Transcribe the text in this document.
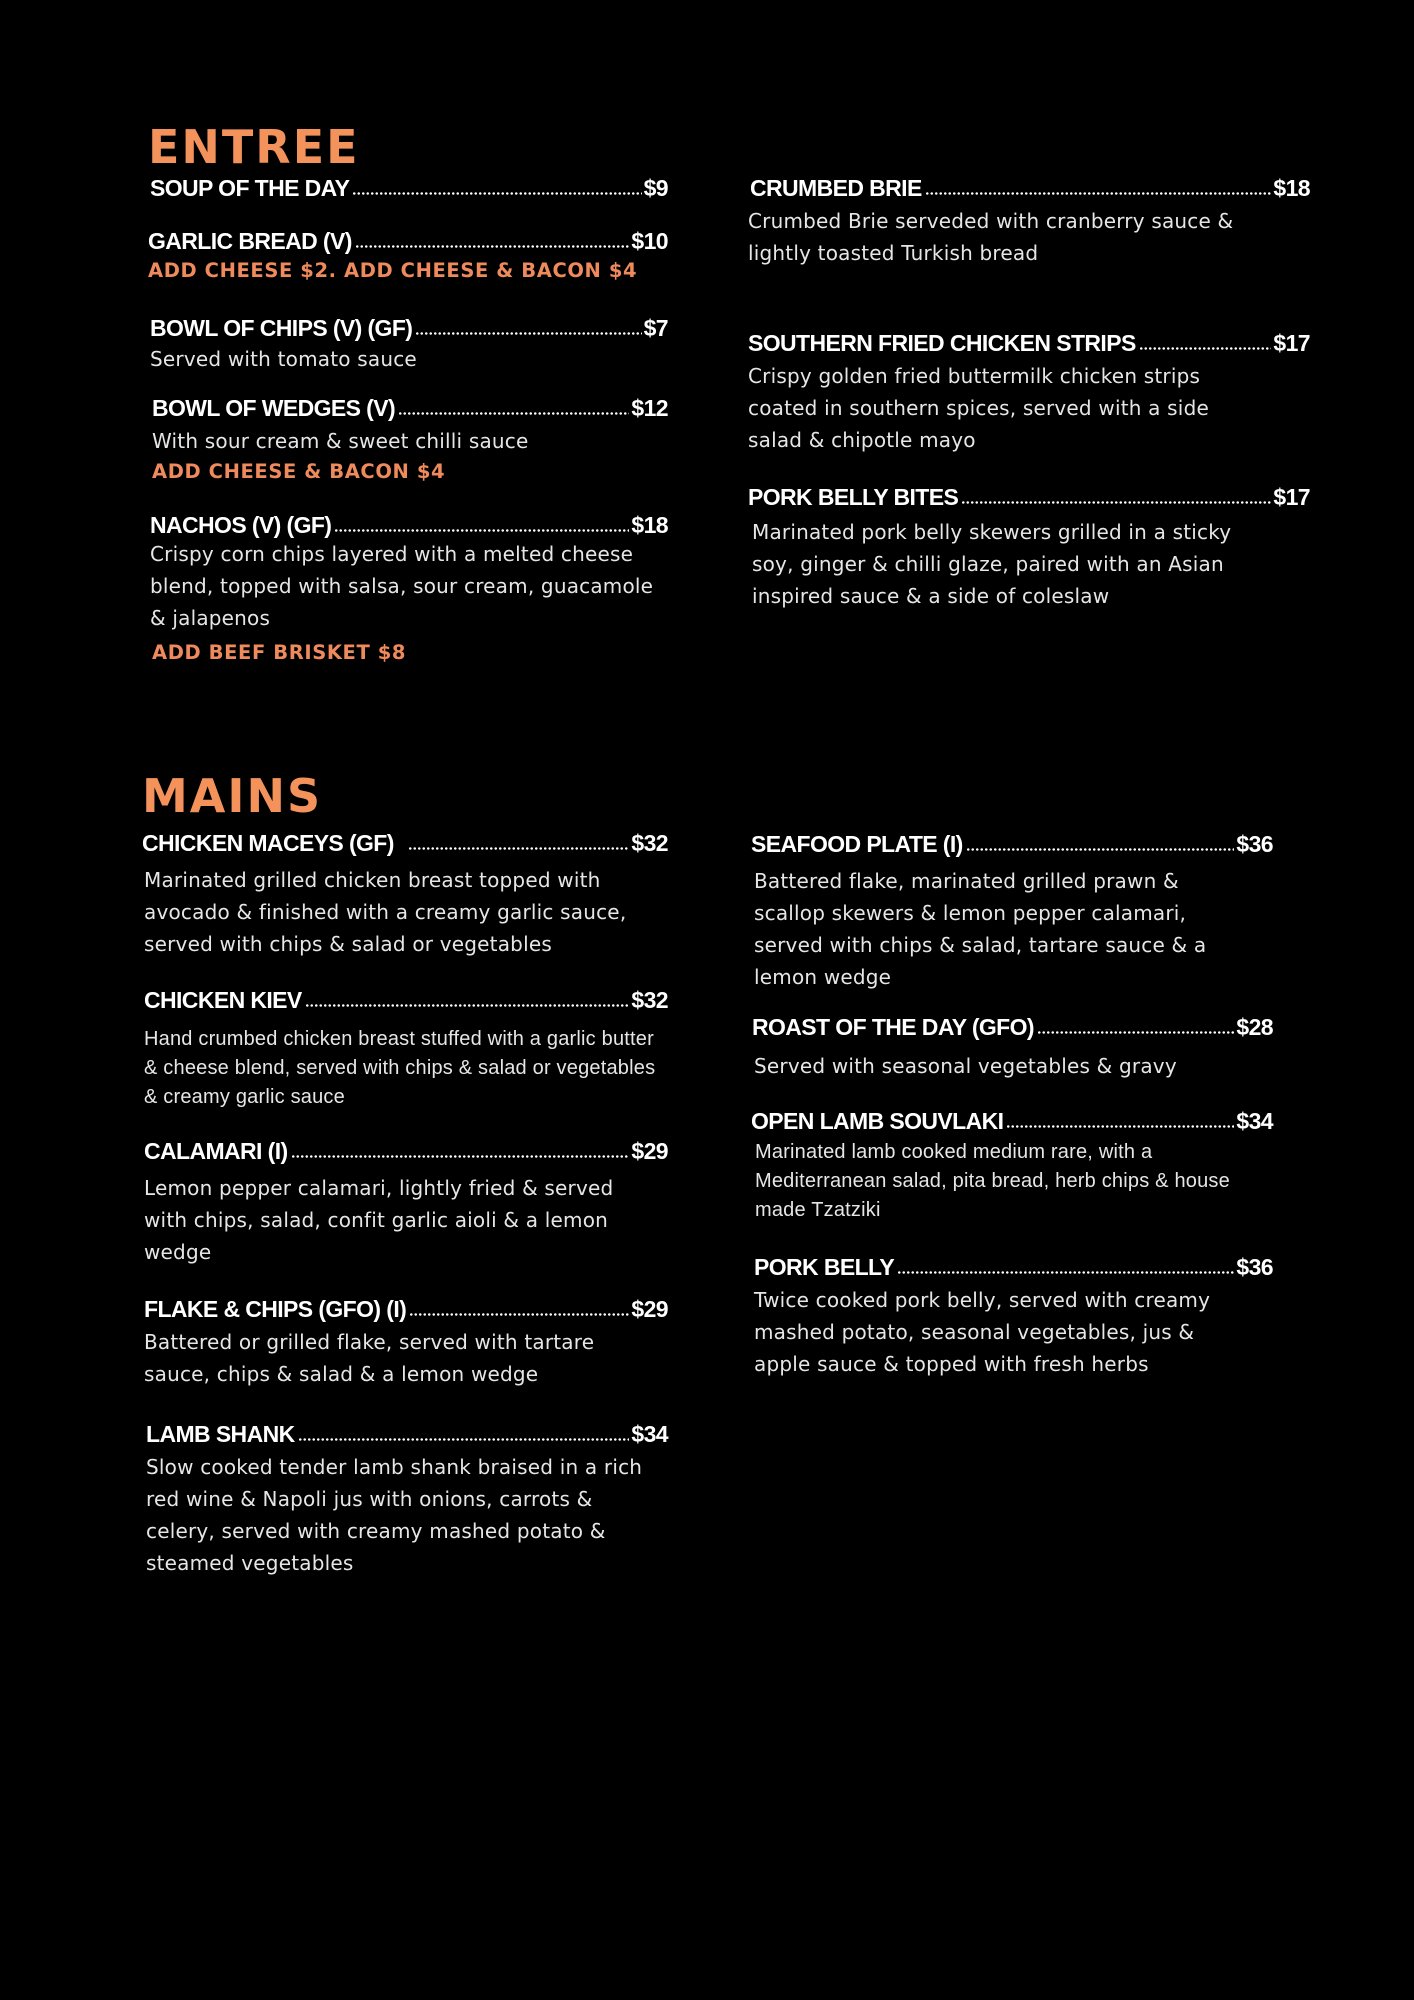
ENTREE
SOUP OF THE DAY	$9
GARLIC BREAD (V)	$10
ADD CHEESE $2. ADD CHEESE & BACON $4
BOWL OF CHIPS (V) (GF)	$7
Served with tomato sauce
BOWL OF WEDGES (V)	$12
With sour cream & sweet chilli sauce
ADD CHEESE & BACON $4
NACHOS (V) (GF)	$18
Crispy corn chips layered with a melted cheese blend, topped with salsa, sour cream, guacamole & jalapenos
ADD BEEF BRISKET $8
CRUMBED BRIE	$18
Crumbed Brie serveded with cranberry sauce & lightly toasted Turkish bread
SOUTHERN FRIED CHICKEN STRIPS	$17
Crispy golden fried buttermilk chicken strips coated in southern spices, served with a side salad & chipotle mayo
PORK BELLY BITES	$17
Marinated pork belly skewers grilled in a sticky soy, ginger & chilli glaze, paired with an Asian inspired sauce & a side of coleslaw
MAINS
CHICKEN MACEYS (GF)	$32
Marinated grilled chicken breast topped with avocado & finished with a creamy garlic sauce, served with chips & salad or vegetables
CHICKEN KIEV	$32
Hand crumbed chicken breast stuffed with a garlic butter & cheese blend, served with chips & salad or vegetables & creamy garlic sauce
CALAMARI (I)	$29
Lemon pepper calamari, lightly fried & served with chips, salad, confit garlic aioli & a lemon wedge
FLAKE & CHIPS (GFO) (I)	$29
Battered or grilled flake, served with tartare sauce, chips & salad & a lemon wedge
LAMB SHANK	$34
Slow cooked tender lamb shank braised in a rich red wine & Napoli jus with onions, carrots & celery, served with creamy mashed potato & steamed vegetables
SEAFOOD PLATE (I)	$36
Battered flake, marinated grilled prawn & scallop skewers & lemon pepper calamari, served with chips & salad, tartare sauce & a lemon wedge
ROAST OF THE DAY (GFO)	$28
Served with seasonal vegetables & gravy
OPEN LAMB SOUVLAKI	$34
Marinated lamb cooked medium rare, with a Mediterranean salad, pita bread, herb chips & house made Tzatziki
PORK BELLY	$36
Twice cooked pork belly, served with creamy mashed potato, seasonal vegetables, jus & apple sauce & topped with fresh herbs
